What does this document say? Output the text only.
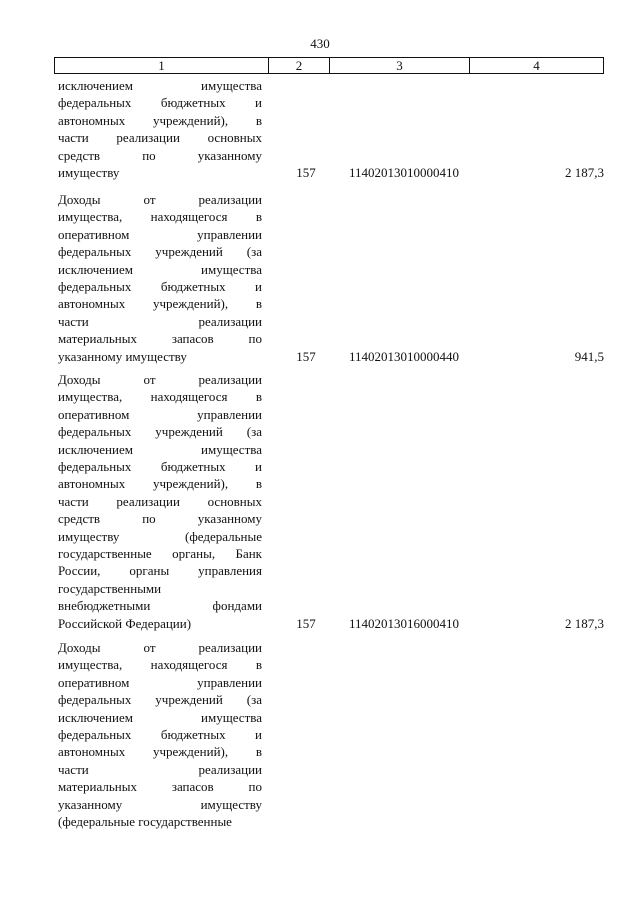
430
1	2	3	4
исключением имущества
федеральных бюджетных и
автономных учреждений), в
части реализации основных
средств по указанному
имуществу	157	11402013010000410	2 187,3
Доходы от реализации
имущества, находящегося в
оперативном управлении
федеральных учреждений (за
исключением имущества
федеральных бюджетных и
автономных учреждений), в
части реализации
материальных запасов по
указанному имуществу	157	11402013010000440	941,5
Доходы от реализации
имущества, находящегося в
оперативном управлении
федеральных учреждений (за
исключением имущества
федеральных бюджетных и
автономных учреждений), в
части реализации основных
средств по указанному
имуществу (федеральные
государственные органы, Банк
России, органы управления
государственными
внебюджетными фондами
Российской Федерации)	157	11402013016000410	2 187,3
Доходы от реализации
имущества, находящегося в
оперативном управлении
федеральных учреждений (за
исключением имущества
федеральных бюджетных и
автономных учреждений), в
части реализации
материальных запасов по
указанному имуществу
(федеральные государственные
